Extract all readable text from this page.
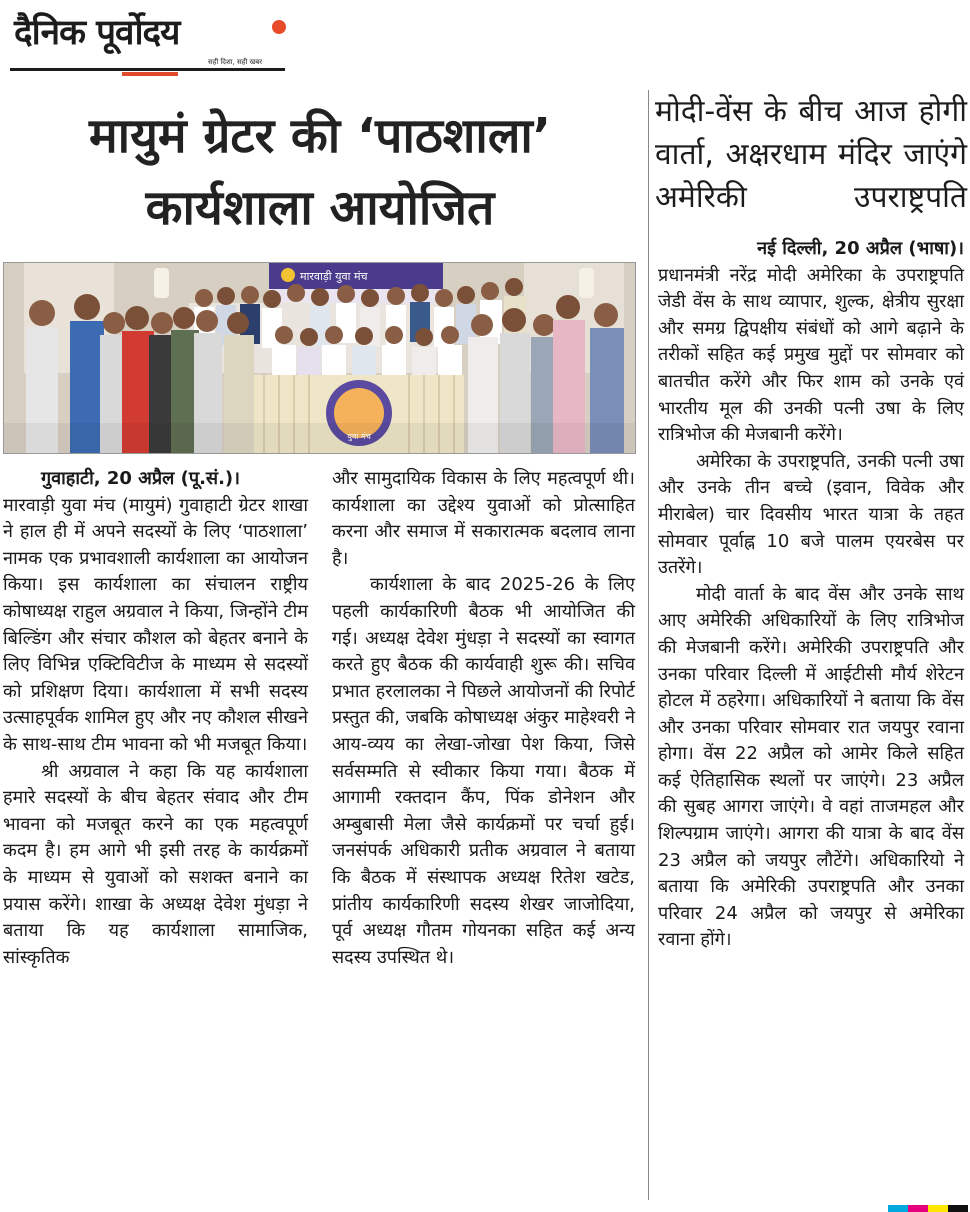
दैनिक पूर्वोदय
सही दिशा, सही खबर
मायुमं ग्रेटर की ‘पाठशाला’
कार्यशाला आयोजित
मारवाड़ी युवा मंच
युवा मंच

गुवाहाटी, 20 अप्रैल (पू.सं.)।

मारवाड़ी युवा मंच (मायुमं) गुवाहाटी ग्रेटर शाखा ने हाल ही में अपने सदस्यों के लिए ‘पाठशाला’ नामक एक प्रभावशाली कार्यशाला का आयोजन किया। इस कार्यशाला का संचालन राष्ट्रीय कोषाध्यक्ष राहुल अग्रवाल ने किया, जिन्होंने टीम बिल्डिंग और संचार कौशल को बेहतर बनाने के लिए विभिन्न एक्टिविटीज के माध्यम से सदस्यों को प्रशिक्षण दिया। कार्यशाला में सभी सदस्य उत्साहपूर्वक शामिल हुए और नए कौशल सीखने के साथ-साथ टीम भावना को भी मजबूत किया।

श्री अग्रवाल ने कहा कि यह कार्यशाला हमारे सदस्यों के बीच बेहतर संवाद और टीम भावना को मजबूत करने का एक महत्वपूर्ण कदम है। हम आगे भी इसी तरह के कार्यक्रमों के माध्यम से युवाओं को सशक्त बनाने का प्रयास करेंगे। शाखा के अध्यक्ष देवेश मुंधड़ा ने बताया कि यह कार्यशाला सामाजिक, सांस्कृतिक

और सामुदायिक विकास के लिए महत्वपूर्ण थी। कार्यशाला का उद्देश्य युवाओं को प्रोत्साहित करना और समाज में सकारात्मक बदलाव लाना है।

कार्यशाला के बाद 2025-26 के लिए पहली कार्यकारिणी बैठक भी आयोजित की गई। अध्यक्ष देवेश मुंधड़ा ने सदस्यों का स्वागत करते हुए बैठक की कार्यवाही शुरू की। सचिव प्रभात हरलालका ने पिछले आयोजनों की रिपोर्ट प्रस्तुत की, जबकि कोषाध्यक्ष अंकुर माहेश्वरी ने आय-व्यय का लेखा-जोखा पेश किया, जिसे सर्वसम्मति से स्वीकार किया गया। बैठक में आगामी रक्तदान कैंप, पिंक डोनेशन और अम्बुबासी मेला जैसे कार्यक्रमों पर चर्चा हुई। जनसंपर्क अधिकारी प्रतीक अग्रवाल ने बताया कि बैठक में संस्थापक अध्यक्ष रितेश खटेड, प्रांतीय कार्यकारिणी सदस्य शेखर जाजोदिया, पूर्व अध्यक्ष गौतम गोयनका सहित कई अन्य सदस्य उपस्थित थे।

मोदी-वेंस के बीच आज होगी वार्ता, अक्षरधाम मंदिर जाएंगे अमेरिकी उपराष्ट्रपति

नई दिल्ली, 20 अप्रैल (भाषा)।

प्रधानमंत्री नरेंद्र मोदी अमेरिका के उपराष्ट्रपति जेडी वेंस के साथ व्यापार, शुल्क, क्षेत्रीय सुरक्षा और समग्र द्विपक्षीय संबंधों को आगे बढ़ाने के तरीकों सहित कई प्रमुख मुद्दों पर सोमवार को बातचीत करेंगे और फिर शाम को उनके एवं भारतीय मूल की उनकी पत्नी उषा के लिए रात्रिभोज की मेजबानी करेंगे।

अमेरिका के उपराष्ट्रपति, उनकी पत्नी उषा और उनके तीन बच्चे (इवान, विवेक और मीराबेल) चार दिवसीय भारत यात्रा के तहत सोमवार पूर्वाह्न 10 बजे पालम एयरबेस पर उतरेंगे।

मोदी वार्ता के बाद वेंस और उनके साथ आए अमेरिकी अधिकारियों के लिए रात्रिभोज की मेजबानी करेंगे। अमेरिकी उपराष्ट्रपति और उनका परिवार दिल्ली में आईटीसी मौर्य शेरेटन होटल में ठहरेगा। अधिकारियों ने बताया कि वेंस और उनका परिवार सोमवार रात जयपुर रवाना होगा। वेंस 22 अप्रैल को आमेर किले सहित कई ऐतिहासिक स्थलों पर जाएंगे। 23 अप्रैल की सुबह आगरा जाएंगे। वे वहां ताजमहल और शिल्पग्राम जाएंगे। आगरा की यात्रा के बाद वेंस 23 अप्रैल को जयपुर लौटेंगे। अधिकारियो ने बताया कि अमेरिकी उपराष्ट्रपति और उनका परिवार 24 अप्रैल को जयपुर से अमेरिका रवाना होंगे।
